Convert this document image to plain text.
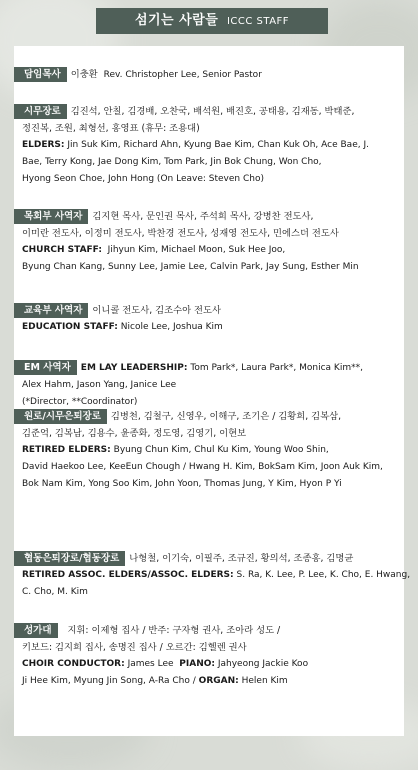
섬기는 사람들 ICCC STAFF
담임목사 이충환 Rev. Christopher Lee, Senior Pastor
시무장로 김진석, 안칠, 김경배, 오찬국, 배석원, 배진호, 공태용, 김재동, 박태준,
정진복, 조원, 최형선, 홍영표 (휴무: 조용대)
ELDERS: Jin Suk Kim, Richard Ahn, Kyung Bae Kim, Chan Kuk Oh, Ace Bae, J.
Bae, Terry Kong, Jae Dong Kim, Tom Park, Jin Bok Chung, Won Cho,
Hyong Seon Choe, John Hong (On Leave: Steven Cho)
목회부 사역자 김지현 목사, 문인권 목사, 주석희 목사, 강병찬 전도사,
이미란 전도사, 이정미 전도사, 박찬경 전도사, 성재영 전도사, 민에스더 전도사
CHURCH STAFF: Jihyun Kim, Michael Moon, Suk Hee Joo,
Byung Chan Kang, Sunny Lee, Jamie Lee, Calvin Park, Jay Sung, Esther Min
교육부 사역자 이니콜 전도사, 김조수아 전도사
EDUCATION STAFF: Nicole Lee, Joshua Kim
EM 사역자 EM LAY LEADERSHIP: Tom Park*, Laura Park*, Monica Kim**,
Alex Hahm, Jason Yang, Janice Lee
(*Director, **Coordinator)
원로/시무은퇴장로 김병천, 김철구, 신영우, 이해구, 조기은 / 김황희, 김복삼,
김준억, 김복남, 김용수, 윤종화, 정도영, 김영기, 이현보
RETIRED ELDERS: Byung Chun Kim, Chul Ku Kim, Young Woo Shin,
David Haekoo Lee, KeeEun Chough / Hwang H. Kim, BokSam Kim, Joon Auk Kim,
Bok Nam Kim, Yong Soo Kim, John Yoon, Thomas Jung, Y Kim, Hyon P Yi
협동은퇴장로/협동장로 나형철, 이기숙, 이필주, 조규진, 황의석, 조종홍, 김명균
RETIRED ASSOC. ELDERS/ASSOC. ELDERS: S. Ra, K. Lee, P. Lee, K. Cho, E. Hwang,
C. Cho, M. Kim
성가대 지휘: 이제형 집사 / 반주: 구자형 권사, 조아라 성도 /
키보드: 김지희 집사, 송명진 집사 / 오르간: 김헬렌 권사
CHOIR CONDUCTOR: James Lee PIANO: Jahyeong Jackie Koo
Ji Hee Kim, Myung Jin Song, A-Ra Cho / ORGAN: Helen Kim
